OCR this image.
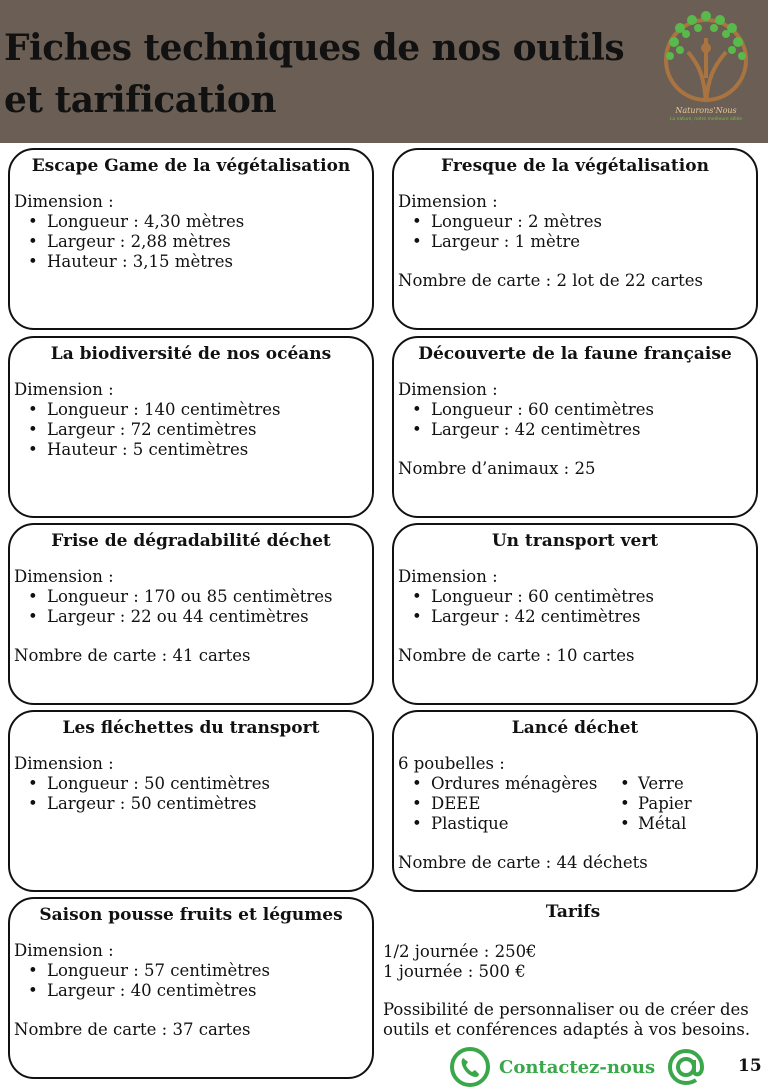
Fiches techniques de nos outils
et tarification	Naturons'Nous
La nature, notre meilleure alliée
Escape Game de la végétalisation
Dimension :
• Longueur : 4,30 mètres
• Largeur : 2,88 mètres
• Hauteur : 3,15 mètres
Fresque de la végétalisation
Dimension :
• Longueur : 2 mètres
• Largeur : 1 mètre
Nombre de carte : 2 lot de 22 cartes
La biodiversité de nos océans
Dimension :
• Longueur : 140 centimètres
• Largeur : 72 centimètres
• Hauteur : 5 centimètres
Découverte de la faune française
Dimension :
• Longueur : 60 centimètres
• Largeur : 42 centimètres
Nombre d’animaux : 25
Frise de dégradabilité déchet
Dimension :
• Longueur : 170 ou 85 centimètres
• Largeur : 22 ou 44 centimètres
Nombre de carte : 41 cartes
Un transport vert
Dimension :
• Longueur : 60 centimètres
• Largeur : 42 centimètres
Nombre de carte : 10 cartes
Les fléchettes du transport
Dimension :
• Longueur : 50 centimètres
• Largeur : 50 centimètres
Lancé déchet
6 poubelles :
• Ordures ménagères
• DEEE
• Plastique
• Verre
• Papier
• Métal
Nombre de carte : 44 déchets
Saison pousse fruits et légumes
Dimension :
• Longueur : 57 centimètres
• Largeur : 40 centimètres
Nombre de carte : 37 cartes
Tarifs
1/2 journée : 250€
1 journée : 500 €
Possibilité de personnaliser ou de créer des outils et conférences adaptés à vos besoins.
Contactez-nous	15
